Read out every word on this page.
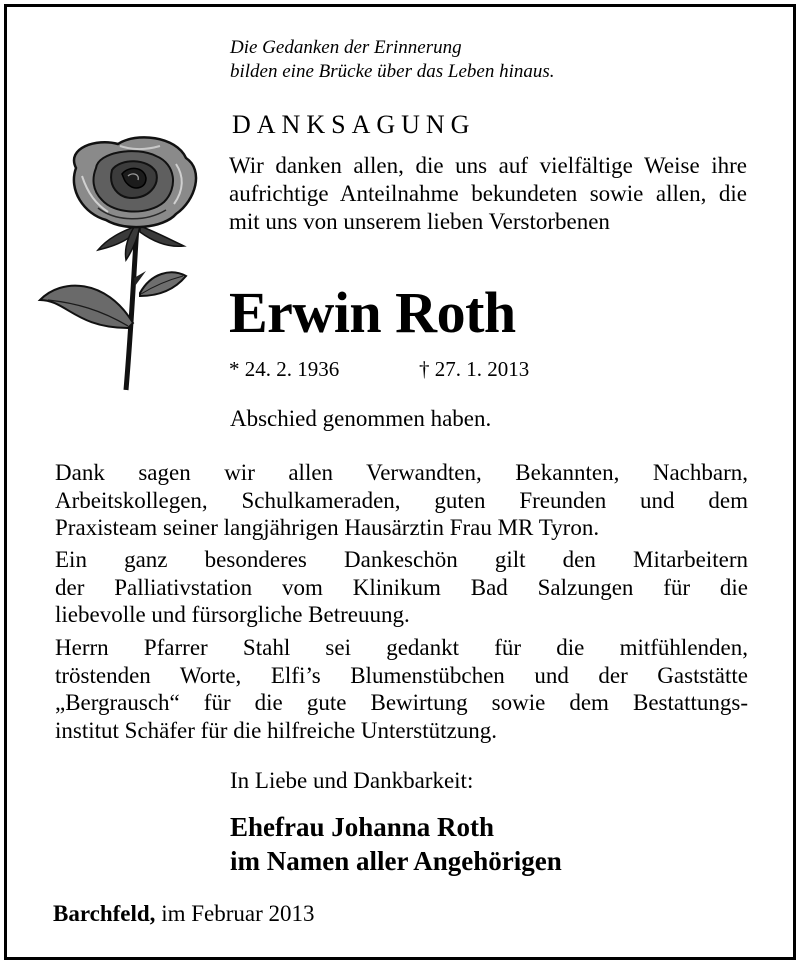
Die Gedanken der Erinnerung
bilden eine Brücke über das Leben hinaus.
DANKSAGUNG
Wir danken allen, die uns auf vielfältige Weise ihre aufrichtige Anteilnahme bekundeten sowie allen, die mit uns von unserem lieben Verstorbenen
Erwin Roth
* 24. 2. 1936	† 27. 1. 2013
Abschied genommen haben.
Dank sagen wir allen Verwandten, Bekannten, Nachbarn,
Arbeitskollegen, Schulkameraden, guten Freunden und dem
Praxisteam seiner langjährigen Hausärztin Frau MR Tyron.
Ein ganz besonderes Dankeschön gilt den Mitarbeitern
der Palliativstation vom Klinikum Bad Salzungen für die
liebevolle und fürsorgliche Betreuung.
Herrn Pfarrer Stahl sei gedankt für die mitfühlenden,
tröstenden Worte, Elfi’s Blumenstübchen und der Gaststätte
„Bergrausch“ für die gute Bewirtung sowie dem Bestattungs-
institut Schäfer für die hilfreiche Unterstützung.
In Liebe und Dankbarkeit:
Ehefrau Johanna Roth
im Namen aller Angehörigen
Barchfeld, im Februar 2013
